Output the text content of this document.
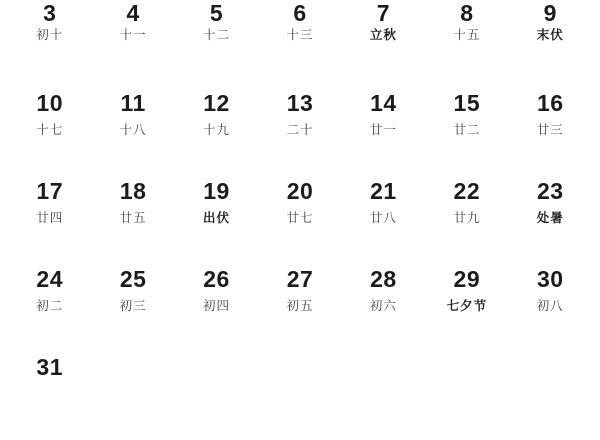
3
初十
4
十一
5
十二
6
十三
7
立秋
8
十五
9
末伏
10
十七
11
十八
12
十九
13
二十
14
廿一
15
廿二
16
廿三
17
廿四
18
廿五
19
出伏
20
廿七
21
廿八
22
廿九
23
处暑
24
初二
25
初三
26
初四
27
初五
28
初六
29
七夕节
30
初八
31
